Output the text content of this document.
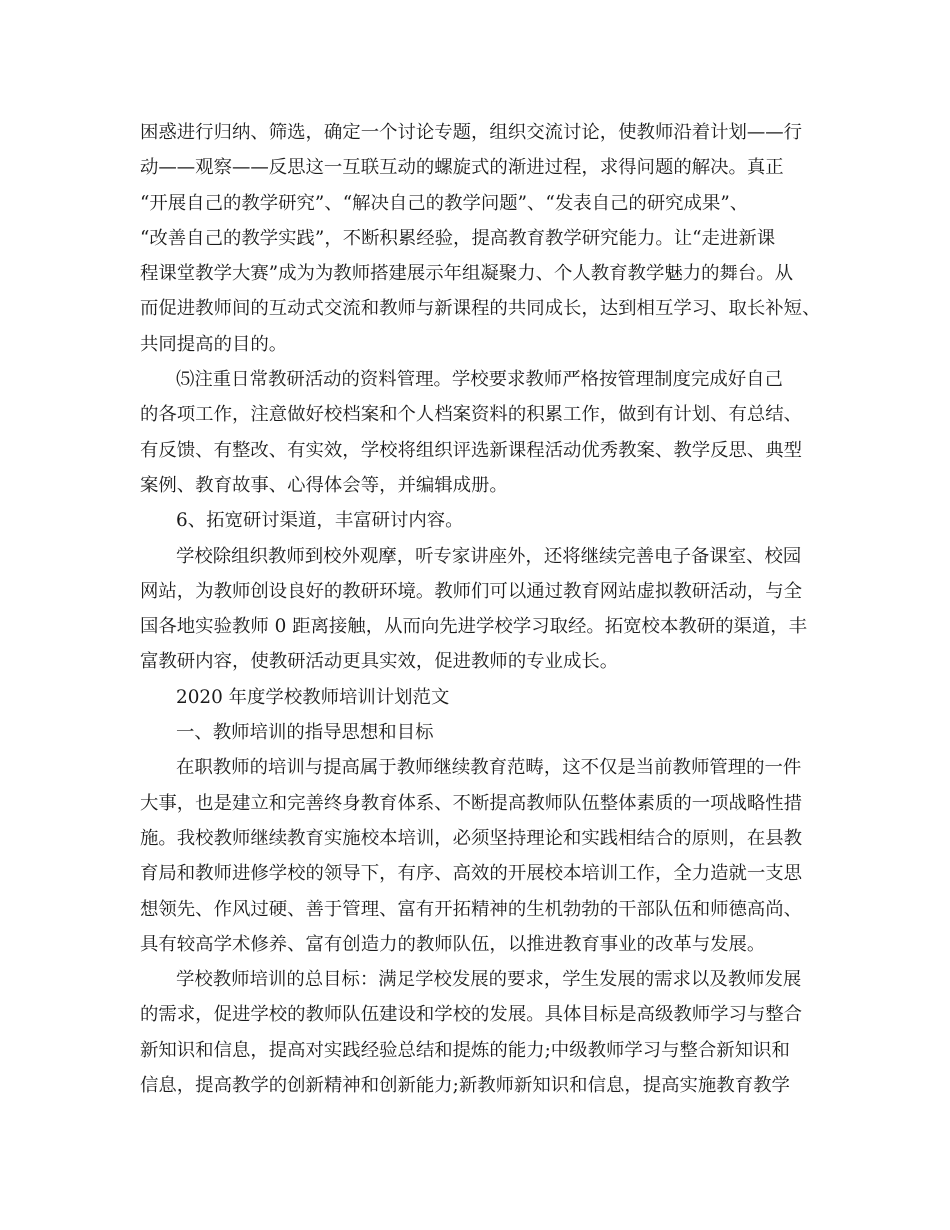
困惑进行归纳、筛选，确定一个讨论专题，组织交流讨论，使教师沿着计划——行
动——观察——反思这一互联互动的螺旋式的渐进过程，求得问题的解决。真正
“开展自己的教学研究”、“解决自己的教学问题”、“发表自己的研究成果”、
“改善自己的教学实践”，不断积累经验，提高教育教学研究能力。让“走进新课
程课堂教学大赛”成为为教师搭建展示年组凝聚力、个人教育教学魅力的舞台。从
而促进教师间的互动式交流和教师与新课程的共同成长，达到相互学习、取长补短、
共同提高的目的。
⑸注重日常教研活动的资料管理。学校要求教师严格按管理制度完成好自己
的各项工作，注意做好校档案和个人档案资料的积累工作，做到有计划、有总结、
有反馈、有整改、有实效，学校将组织评选新课程活动优秀教案、教学反思、典型
案例、教育故事、心得体会等，并编辑成册。
6、拓宽研讨渠道，丰富研讨内容。
学校除组织教师到校外观摩，听专家讲座外，还将继续完善电子备课室、校园
网站，为教师创设良好的教研环境。教师们可以通过教育网站虚拟教研活动，与全
国各地实验教师 0 距离接触，从而向先进学校学习取经。拓宽校本教研的渠道，丰
富教研内容，使教研活动更具实效，促进教师的专业成长。
2020 年度学校教师培训计划范文
一、教师培训的指导思想和目标
在职教师的培训与提高属于教师继续教育范畴，这不仅是当前教师管理的一件
大事，也是建立和完善终身教育体系、不断提高教师队伍整体素质的一项战略性措
施。我校教师继续教育实施校本培训，必须坚持理论和实践相结合的原则，在县教
育局和教师进修学校的领导下，有序、高效的开展校本培训工作，全力造就一支思
想领先、作风过硬、善于管理、富有开拓精神的生机勃勃的干部队伍和师德高尚、
具有较高学术修养、富有创造力的教师队伍，以推进教育事业的改革与发展。
学校教师培训的总目标：满足学校发展的要求，学生发展的需求以及教师发展
的需求，促进学校的教师队伍建设和学校的发展。具体目标是高级教师学习与整合
新知识和信息，提高对实践经验总结和提炼的能力;中级教师学习与整合新知识和
信息，提高教学的创新精神和创新能力;新教师新知识和信息，提高实施教育教学
